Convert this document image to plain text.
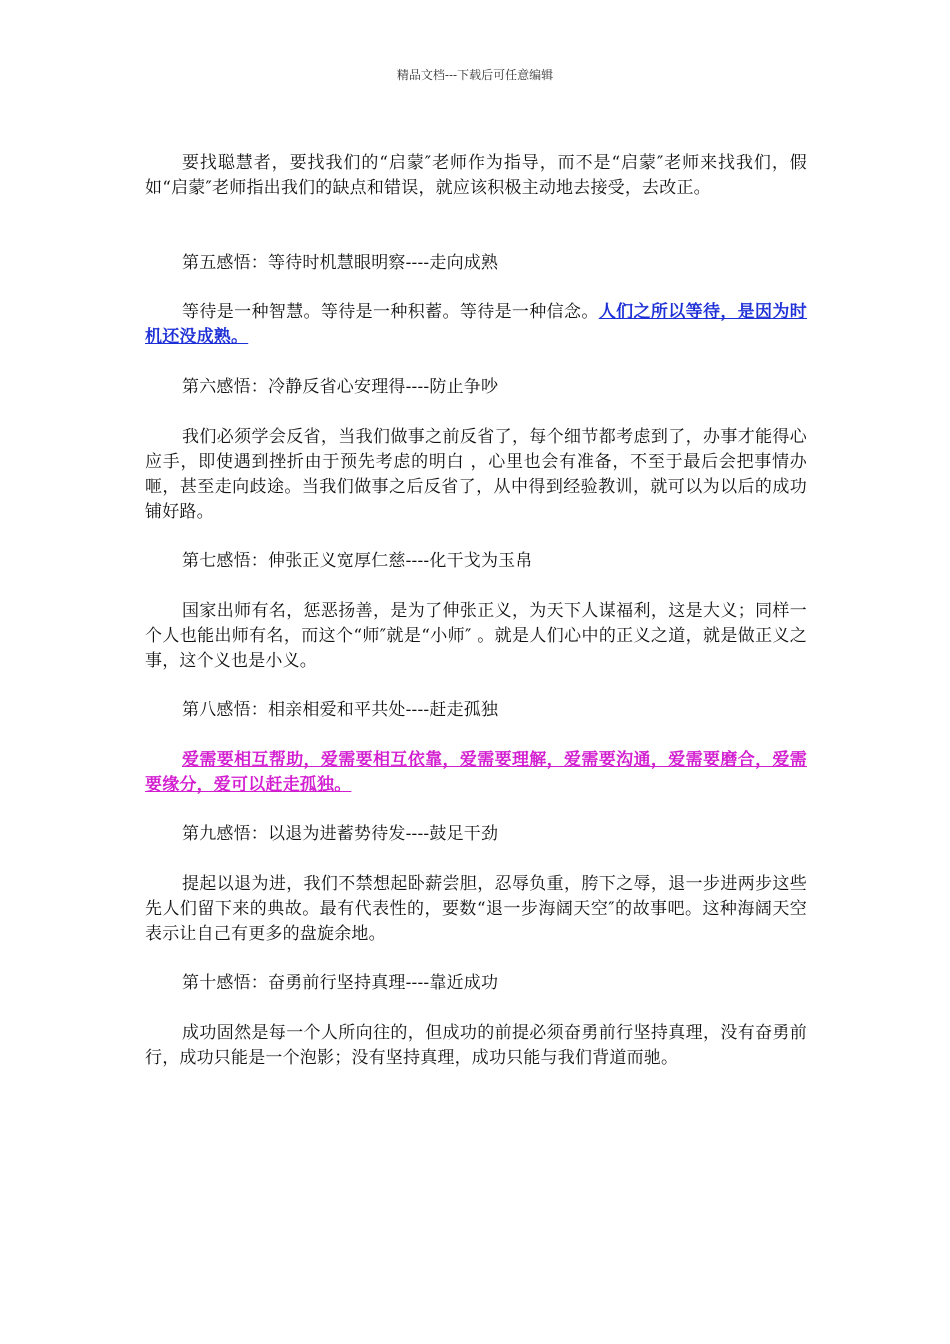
精品文档---下载后可任意编辑

要找聪慧者，要找我们的“启蒙″老师作为指导，而不是“启蒙″老师来找我们，假如“启蒙″老师指出我们的缺点和错误，就应该积极主动地去接受，去改正。

第五感悟：等待时机慧眼明察----走向成熟

等待是一种智慧。等待是一种积蓄。等待是一种信念。人们之所以等待，是因为时机还没成熟。

第六感悟：冷静反省心安理得----防止争吵

我们必须学会反省，当我们做事之前反省了，每个细节都考虑到了，办事才能得心应手，即使遇到挫折由于预先考虑的明白 ，心里也会有准备，不至于最后会把事情办咂，甚至走向歧途。当我们做事之后反省了，从中得到经验教训，就可以为以后的成功铺好路。

第七感悟：伸张正义宽厚仁慈----化干戈为玉帛

国家出师有名，惩恶扬善，是为了伸张正义，为天下人谋福利，这是大义；同样一个人也能出师有名，而这个“师″就是“小师″ 。就是人们心中的正义之道，就是做正义之事，这个义也是小义。

第八感悟：相亲相爱和平共处----赶走孤独

爱需要相互帮助，爱需要相互依靠，爱需要理解，爱需要沟通，爱需要磨合，爱需要缘分，爱可以赶走孤独。

第九感悟：以退为进蓄势待发----鼓足干劲

提起以退为进，我们不禁想起卧薪尝胆，忍辱负重，胯下之辱，退一步进两步这些先人们留下来的典故。最有代表性的，要数“退一步海阔天空″的故事吧。这种海阔天空表示让自己有更多的盘旋余地。

第十感悟：奋勇前行坚持真理----靠近成功

成功固然是每一个人所向往的，但成功的前提必须奋勇前行坚持真理，没有奋勇前行，成功只能是一个泡影；没有坚持真理，成功只能与我们背道而驰。
